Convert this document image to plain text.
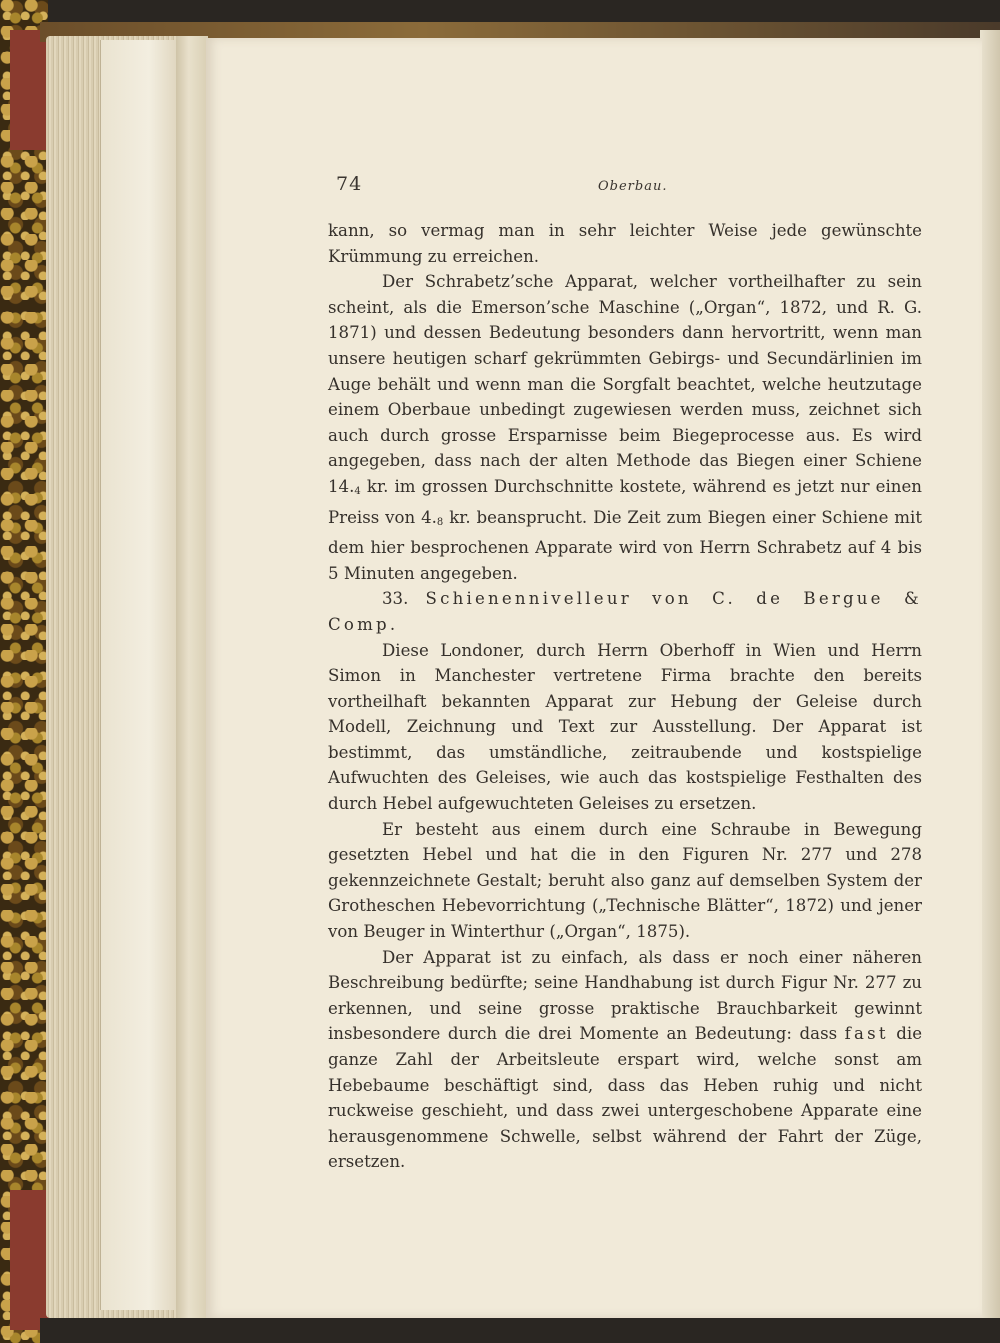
74	Oberbau.

kann, so vermag man in sehr leichter Weise jede gewünschte Krümmung zu erreichen.

Der Schrabetz’sche Apparat, welcher vortheilhafter zu sein scheint, als die Emerson’sche Maschine („Organ“, 1872, und R. G. 1871) und dessen Bedeutung besonders dann hervortritt, wenn man unsere heutigen scharf gekrümmten Gebirgs- und Secundärlinien im Auge behält und wenn man die Sorgfalt beachtet, welche heutzutage einem Oberbaue unbedingt zugewiesen werden muss, zeichnet sich auch durch grosse Ersparnisse beim Biegeprocesse aus. Es wird angegeben, dass nach der alten Methode das Biegen einer Schiene $14._4$ kr. im grossen Durchschnitte kostete, während es jetzt nur einen Preiss von $4._8$ kr. beansprucht. Die Zeit zum Biegen einer Schiene mit dem hier besprochenen Apparate wird von Herrn Schrabetz auf 4 bis 5 Minuten angegeben.

33. Schienennivelleur von C. de Bergue & Comp.

Diese Londoner, durch Herrn Oberhoff in Wien und Herrn Simon in Manchester vertretene Firma brachte den bereits vortheilhaft bekannten Apparat zur Hebung der Geleise durch Modell, Zeichnung und Text zur Ausstellung. Der Apparat ist bestimmt, das umständliche, zeitraubende und kostspielige Aufwuchten des Geleises, wie auch das kostspielige Festhalten des durch Hebel aufgewuchteten Geleises zu ersetzen.

Er besteht aus einem durch eine Schraube in Bewegung gesetzten Hebel und hat die in den Figuren Nr. 277 und 278 gekennzeichnete Gestalt; beruht also ganz auf demselben System der Grotheschen Hebevorrichtung („Technische Blätter“, 1872) und jener von Beuger in Winterthur („Organ“, 1875).

Der Apparat ist zu einfach, als dass er noch einer näheren Beschreibung bedürfte; seine Handhabung ist durch Figur Nr. 277 zu erkennen, und seine grosse praktische Brauchbarkeit gewinnt insbesondere durch die drei Momente an Bedeutung: dass fast die ganze Zahl der Arbeitsleute erspart wird, welche sonst am Hebebaume beschäftigt sind, dass das Heben ruhig und nicht ruckweise geschieht, und dass zwei untergeschobene Apparate eine herausgenommene Schwelle, selbst während der Fahrt der Züge, ersetzen.
